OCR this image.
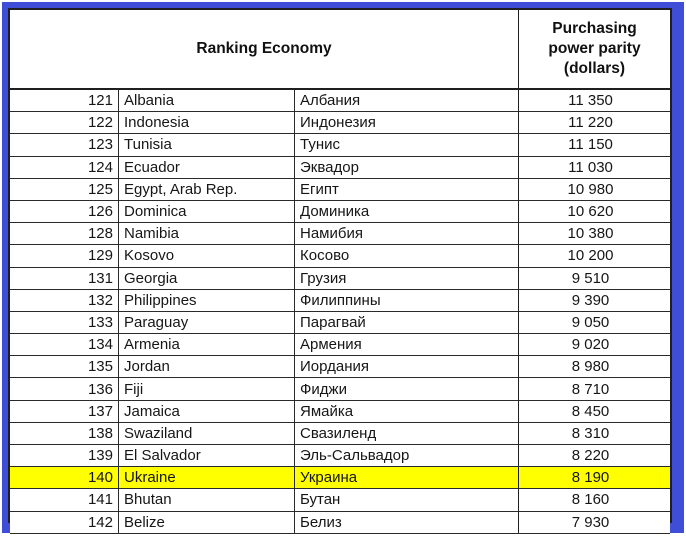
Ranking Economy
Purchasing power parity (dollars)
121 Albania	Албания	11 350
122 Indonesia	Индонезия	11 220
123 Tunisia	Тунис	11 150
124 Ecuador	Эквадор	11 030
125 Egypt, Arab Rep.	Египт	10 980
126 Dominica	Доминика	10 620
128 Namibia	Намибия	10 380
129 Kosovo	Косово	10 200
131 Georgia	Грузия	9 510
132 Philippines	Филиппины	9 390
133 Paraguay	Парагвай	9 050
134 Armenia	Армения	9 020
135 Jordan	Иордания	8 980
136 Fiji	Фиджи	8 710
137 Jamaica	Ямайка	8 450
138 Swaziland	Свазиленд	8 310
139 El Salvador	Эль-Сальвадор	8 220
140 Ukraine	Украина	8 190
141 Bhutan	Бутан	8 160
142 Belize	Белиз	7 930
